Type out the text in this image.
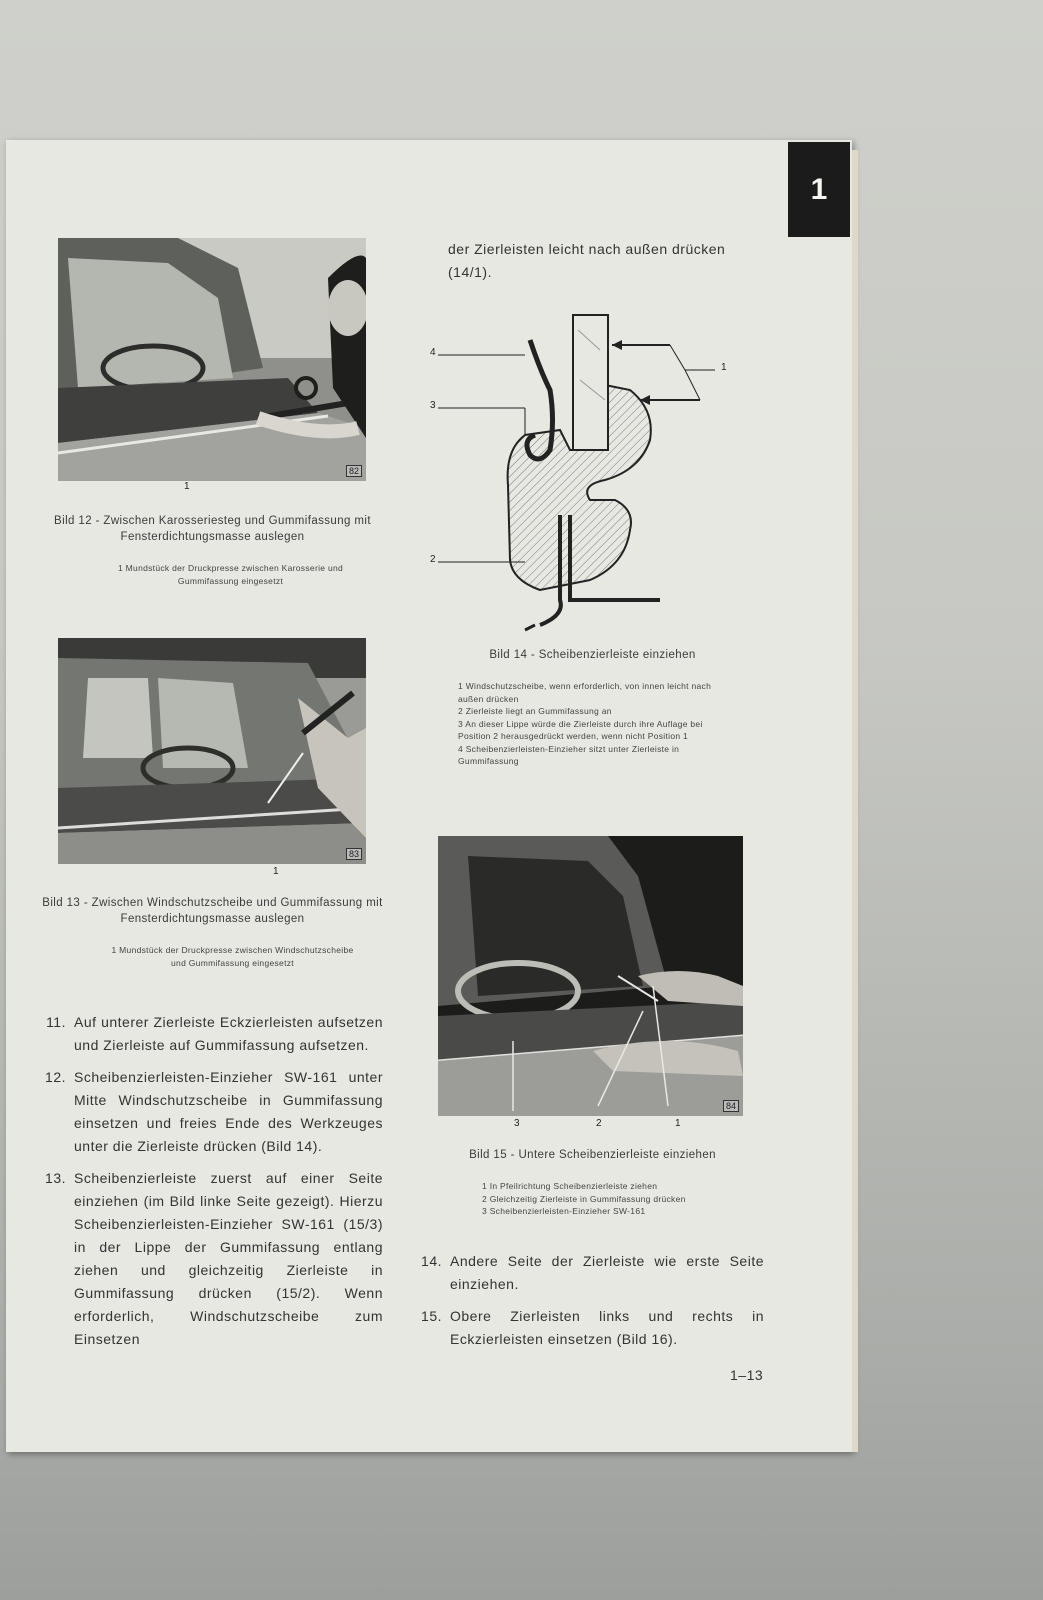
1
82
1
Bild 12 - Zwischen Karosseriesteg und Gummifassung mit Fensterdichtungsmasse auslegen
1 Mundstück der Druckpresse zwischen Karosserie und Gummifassung eingesetzt
83
1
Bild 13 - Zwischen Windschutzscheibe und Gummifassung mit Fensterdichtungsmasse auslegen
1 Mundstück der Druckpresse zwischen Windschutzscheibe und Gummifassung eingesetzt
11. Auf unterer Zierleiste Eckzierleisten aufsetzen und Zierleiste auf Gummifassung aufsetzen.
12. Scheibenzierleisten-Einzieher SW-161 unter Mitte Windschutzscheibe in Gummifassung einsetzen und freies Ende des Werkzeuges unter die Zierleiste drücken (Bild 14).
13. Scheibenzierleiste zuerst auf einer Seite einziehen (im Bild linke Seite gezeigt). Hierzu Scheibenzierleisten-Einzieher SW-161 (15/3) in der Lippe der Gummifassung entlang ziehen und gleichzeitig Zierleiste in Gummifassung drücken (15/2). Wenn erforderlich, Windschutzscheibe zum Einsetzen
der Zierleisten leicht nach außen drücken (14/1).
4
3
2
1
Bild 14 - Scheibenzierleiste einziehen
1 Windschutzscheibe, wenn erforderlich, von innen leicht nach außen drücken
2 Zierleiste liegt an Gummifassung an
3 An dieser Lippe würde die Zierleiste durch ihre Auflage bei Position 2 herausgedrückt werden, wenn nicht Position 1
4 Scheibenzierleisten-Einzieher sitzt unter Zierleiste in Gummifassung
84
3	2	1
Bild 15 - Untere Scheibenzierleiste einziehen
1 In Pfeilrichtung Scheibenzierleiste ziehen
2 Gleichzeitig Zierleiste in Gummifassung drücken
3 Scheibenzierleisten-Einzieher SW-161
14. Andere Seite der Zierleiste wie erste Seite einziehen.
15. Obere Zierleisten links und rechts in Eckzierleisten einsetzen (Bild 16).
1–13
